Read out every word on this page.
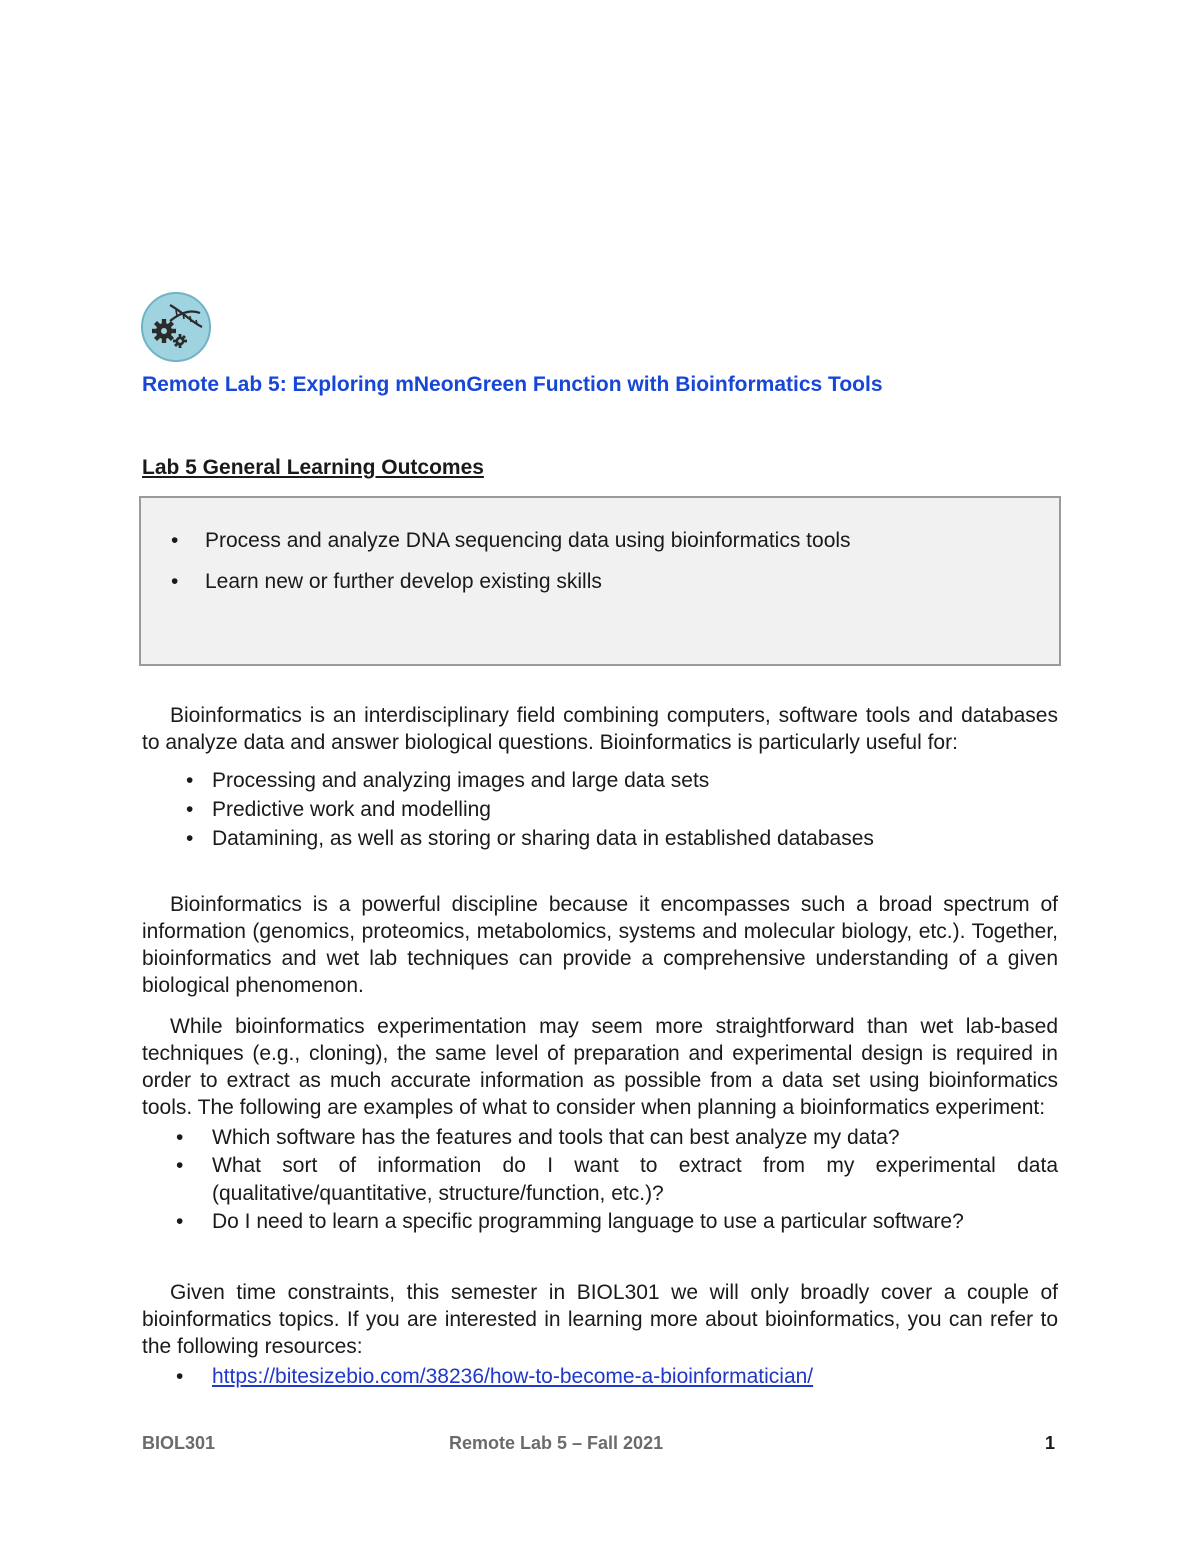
Remote Lab 5: Exploring mNeonGreen Function with Bioinformatics Tools
Lab 5 General Learning Outcomes
• Process and analyze DNA sequencing data using bioinformatics tools
• Learn new or further develop existing skills

Bioinformatics is an interdisciplinary field combining computers, software tools and databases to analyze data and answer biological questions. Bioinformatics is particularly useful for:

• Processing and analyzing images and large data sets
• Predictive work and modelling
• Datamining, as well as storing or sharing data in established databases

Bioinformatics is a powerful discipline because it encompasses such a broad spectrum of information (genomics, proteomics, metabolomics, systems and molecular biology, etc.). Together, bioinformatics and wet lab techniques can provide a comprehensive understanding of a given biological phenomenon.

While bioinformatics experimentation may seem more straightforward than wet lab-based techniques (e.g., cloning), the same level of preparation and experimental design is required in order to extract as much accurate information as possible from a data set using bioinformatics tools. The following are examples of what to consider when planning a bioinformatics experiment:

• Which software has the features and tools that can best analyze my data?
• What sort of information do I want to extract from my experimental data (qualitative/quantitative, structure/function, etc.)?
• Do I need to learn a specific programming language to use a particular software?

Given time constraints, this semester in BIOL301 we will only broadly cover a couple of bioinformatics topics. If you are interested in learning more about bioinformatics, you can refer to the following resources:

• https://bitesizebio.com/38236/how-to-become-a-bioinformatician/
BIOL301	Remote Lab 5 – Fall 2021	1
